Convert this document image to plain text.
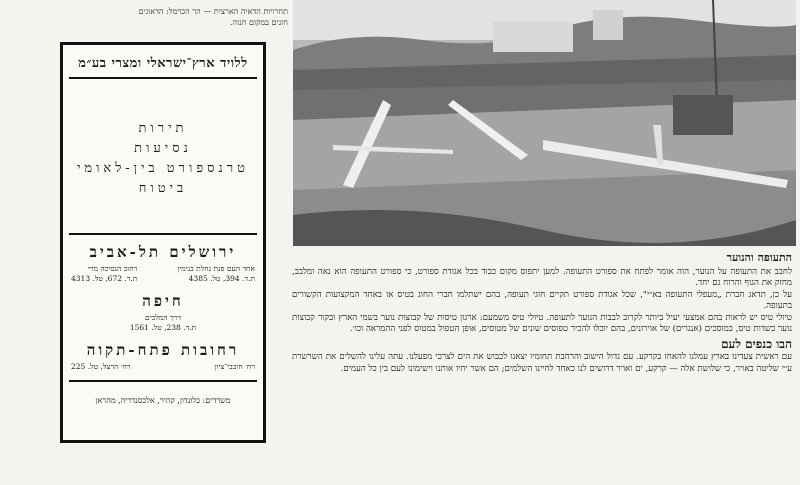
תחרויות הדאיה הארצית — הר הכרמל: הדאוגים חונים במקום חנוה.
ללויד ארץ־ישראלי ומצרי בע״מ
תירות
נסיעות
טרנספורט בין-לאומי
ביטוח
ירושלים תל-אביב
אחד העם פנת נחלת בנימין
ת.ד. 394, טל. 4385
רחוב הנסיכה מרי
ת.ד. 672, טל. 4313
חיפה
דרך המלכים
ת.ד. 238, טל. 1561
רחובות פתח-תקוה
רח׳ חובבי־ציון
רח׳ הרצל, טל. 225
משרדים: בלונדון, קהיר, אלכסנדריה, מהראן
התעופה והנוער

לחבב את התעופה על הנוער, הוה אומר לפתח את ספורט התעופה. למען יתפוס מקום כבוד בכל אגודת ספורט, כי ספורט התעופה הוא נאה ומלבב, מחזק את הגוף והרוח גם יחד.

על כן, תדאג חברת „מעפלי התעופה בא״י", שכל אגודת ספורט תקיים חוגי תעופה, בהם ישתלמו חברי החוג בטיס או באחד המקצועות הקשורים בתעופה.

טיולי טיס יש לראות בהם אמצעי יעיל ביותר לקרוב לבבות הנוער לתעופה. טיולי טיס משמעם: ארגון טיסות של קבוצות נוער בשמי הארץ ובקור קבוצות נוער בשדות טיס, במוסכים (אנגרים) של אוירונים, בהם יוכלו להכיר טפוסים שונים של מטוסים, אופן הטפול במטוס לפני ההמראה וכו׳.

הבו כנפים לעם

עם ראשית צעדינו בארץ עמלנו להאחז בקרקע. עם גדול הישוב והרחבת תחומיו יצאנו לכבוש את הים לצרכי מפעלנו. עתה עלינו להשלים את השרשרת ע״י שליטה באויר, כי שלושת אלה — קרקע, ים ואויר דרושים לנו כאחד לחיינו השלמים; הם אשר יחיו אותנו וישימונו לעם בין כל העמים.
